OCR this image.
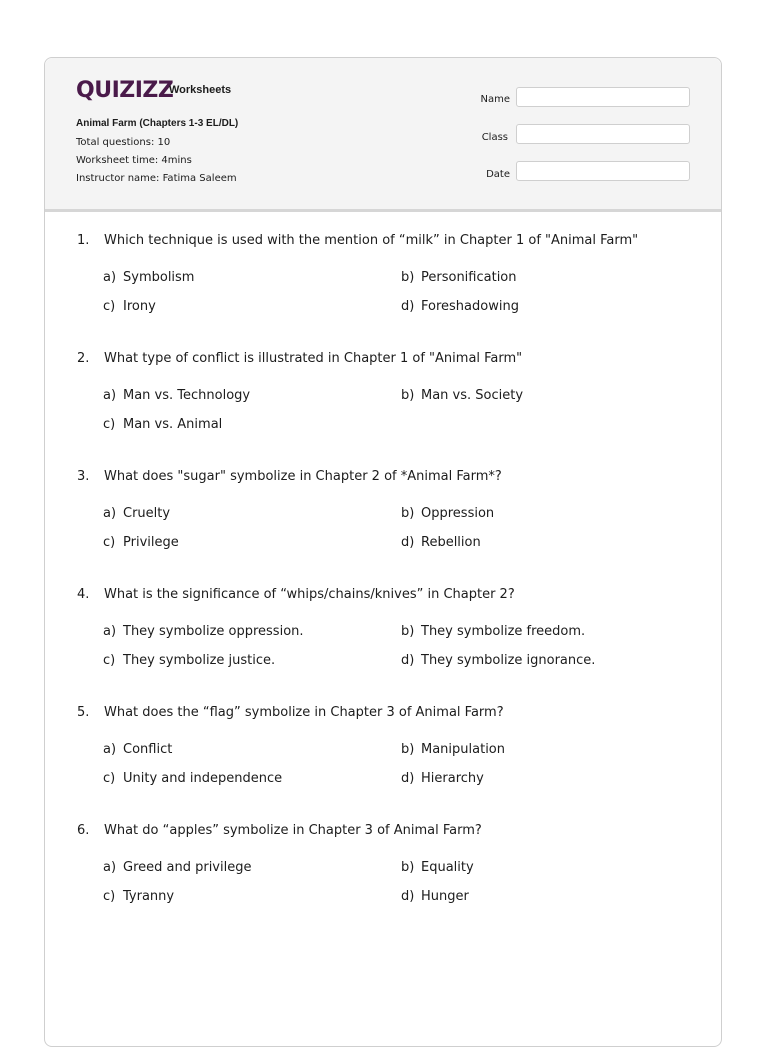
QUIZIZZ
Worksheets
Animal Farm (Chapters 1-3 EL/DL)
Total questions: 10
Worksheet time: 4mins
Instructor name: Fatima Saleem
Name
Class
Date
1. Which technique is used with the mention of “milk” in Chapter 1 of "Animal Farm"
a) Symbolism	b) Personification
c) Irony	d) Foreshadowing
2. What type of conflict is illustrated in Chapter 1 of "Animal Farm"
a) Man vs. Technology	b) Man vs. Society
c) Man vs. Animal
3. What does "sugar" symbolize in Chapter 2 of *Animal Farm*?
a) Cruelty	b) Oppression
c) Privilege	d) Rebellion
4. What is the significance of “whips/chains/knives” in Chapter 2?
a) They symbolize oppression.	b) They symbolize freedom.
c) They symbolize justice.	d) They symbolize ignorance.
5. What does the “flag” symbolize in Chapter 3 of Animal Farm?
a) Conflict	b) Manipulation
c) Unity and independence	d) Hierarchy
6. What do “apples” symbolize in Chapter 3 of Animal Farm?
a) Greed and privilege	b) Equality
c) Tyranny	d) Hunger
